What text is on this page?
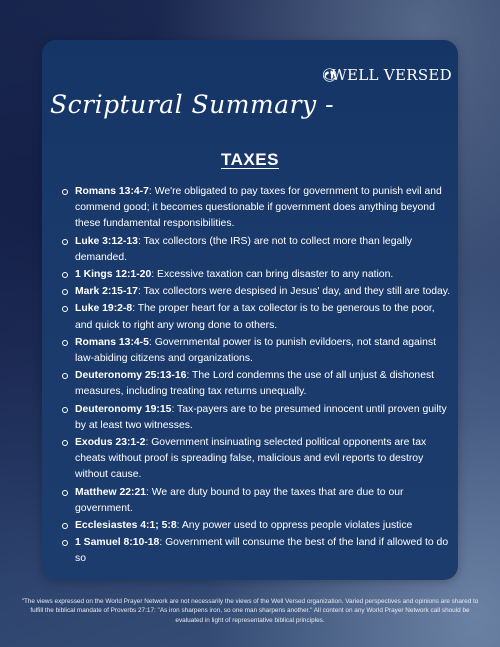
WELL VERSED
Scriptural Summary -
TAXES
Romans 13:4-7: We're obligated to pay taxes for government to punish evil and commend good; it becomes questionable if government does anything beyond these fundamental responsibilities.
Luke 3:12-13: Tax collectors (the IRS) are not to collect more than legally demanded.
1 Kings 12:1-20: Excessive taxation can bring disaster to any nation.
Mark 2:15-17: Tax collectors were despised in Jesus' day, and they still are today.
Luke 19:2-8: The proper heart for a tax collector is to be generous to the poor, and quick to right any wrong done to others.
Romans 13:4-5: Governmental power is to punish evildoers, not stand against law-abiding citizens and organizations.
Deuteronomy 25:13-16: The Lord condemns the use of all unjust & dishonest measures, including treating tax returns unequally.
Deuteronomy 19:15: Tax-payers are to be presumed innocent until proven guilty by at least two witnesses.
Exodus 23:1-2: Government insinuating selected political opponents are tax cheats without proof is spreading false, malicious and evil reports to destroy without cause.
Matthew 22:21: We are duty bound to pay the taxes that are due to our government.
Ecclesiastes 4:1; 5:8: Any power used to oppress people violates justice
1 Samuel 8:10-18: Government will consume the best of the land if allowed to do so
"The views expressed on the World Prayer Network are not necessarily the views of the Well Versed organization. Varied perspectives and opinions are shared to fulfill the biblical mandate of Proverbs 27:17: "As iron sharpens iron, so one man sharpens another." All content on any World Prayer Network call should be evaluated in light of representative biblical principles.
